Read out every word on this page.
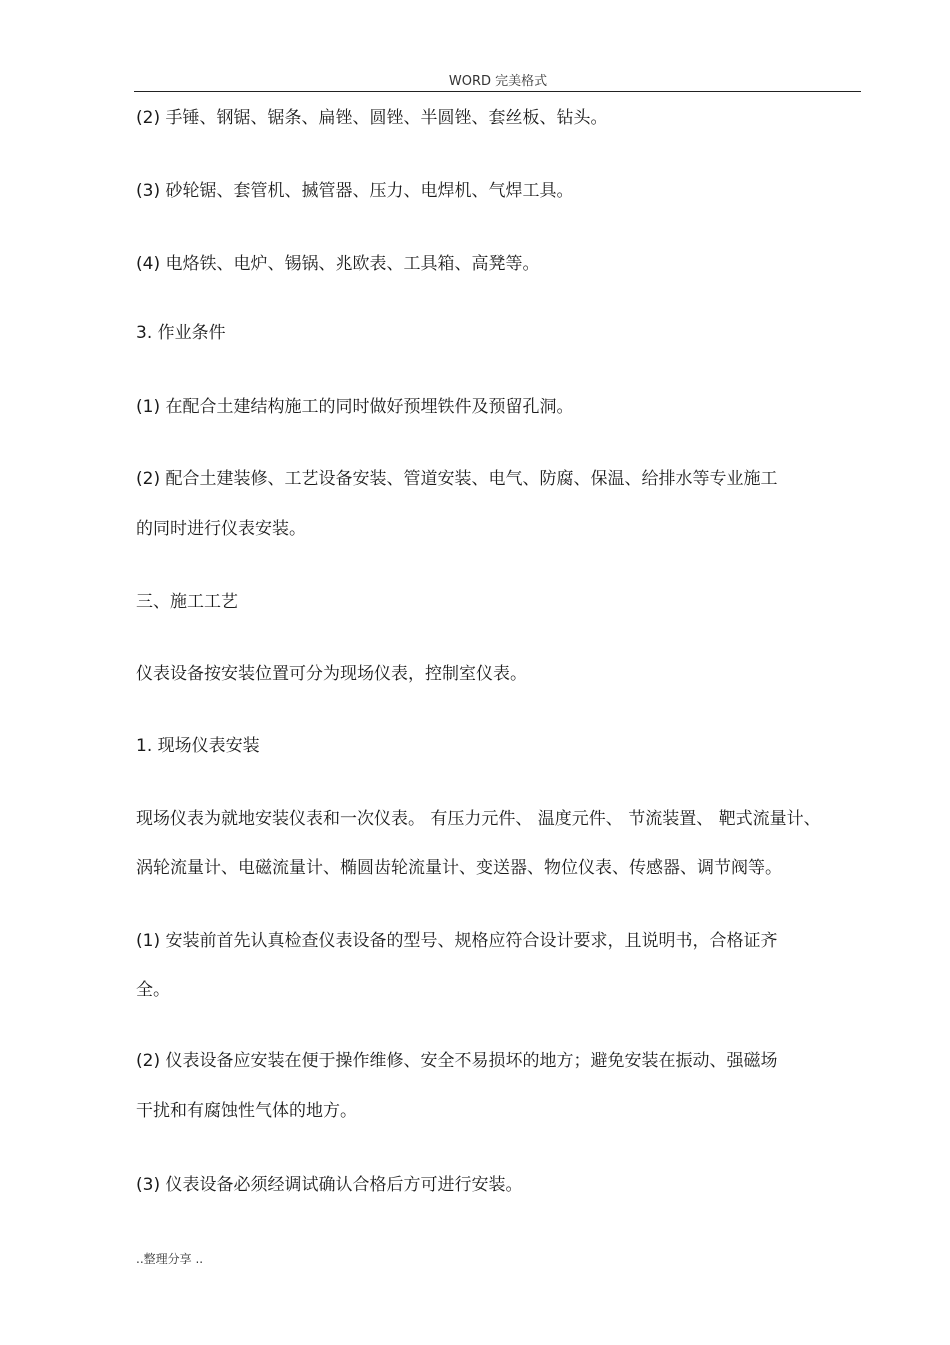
WORD 完美格式
(2) 手锤、钢锯、锯条、扁锉、圆锉、半圆锉、套丝板、钻头。
(3) 砂轮锯、套管机、搣管器、压力、电焊机、气焊工具。
(4) 电烙铁、电炉、锡锅、兆欧表、工具箱、高凳等。
3. 作业条件
(1) 在配合土建结构施工的同时做好预埋铁件及预留孔洞。
(2) 配合土建装修、工艺设备安装、管道安装、电气、防腐、保温、给排水等专业施工
的同时进行仪表安装。
三、施工工艺
仪表设备按安装位置可分为现场仪表，控制室仪表。
1. 现场仪表安装
现场仪表为就地安装仪表和一次仪表。 有压力元件、 温度元件、 节流装置、 靶式流量计、
涡轮流量计、电磁流量计、椭圆齿轮流量计、变送器、物位仪表、传感器、调节阀等。
(1) 安装前首先认真检查仪表设备的型号、规格应符合设计要求，且说明书，合格证齐
全。
(2) 仪表设备应安装在便于操作维修、安全不易损坏的地方；避免安装在振动、强磁场
干扰和有腐蚀性气体的地方。
(3) 仪表设备必须经调试确认合格后方可进行安装。
..整理分享 ..
